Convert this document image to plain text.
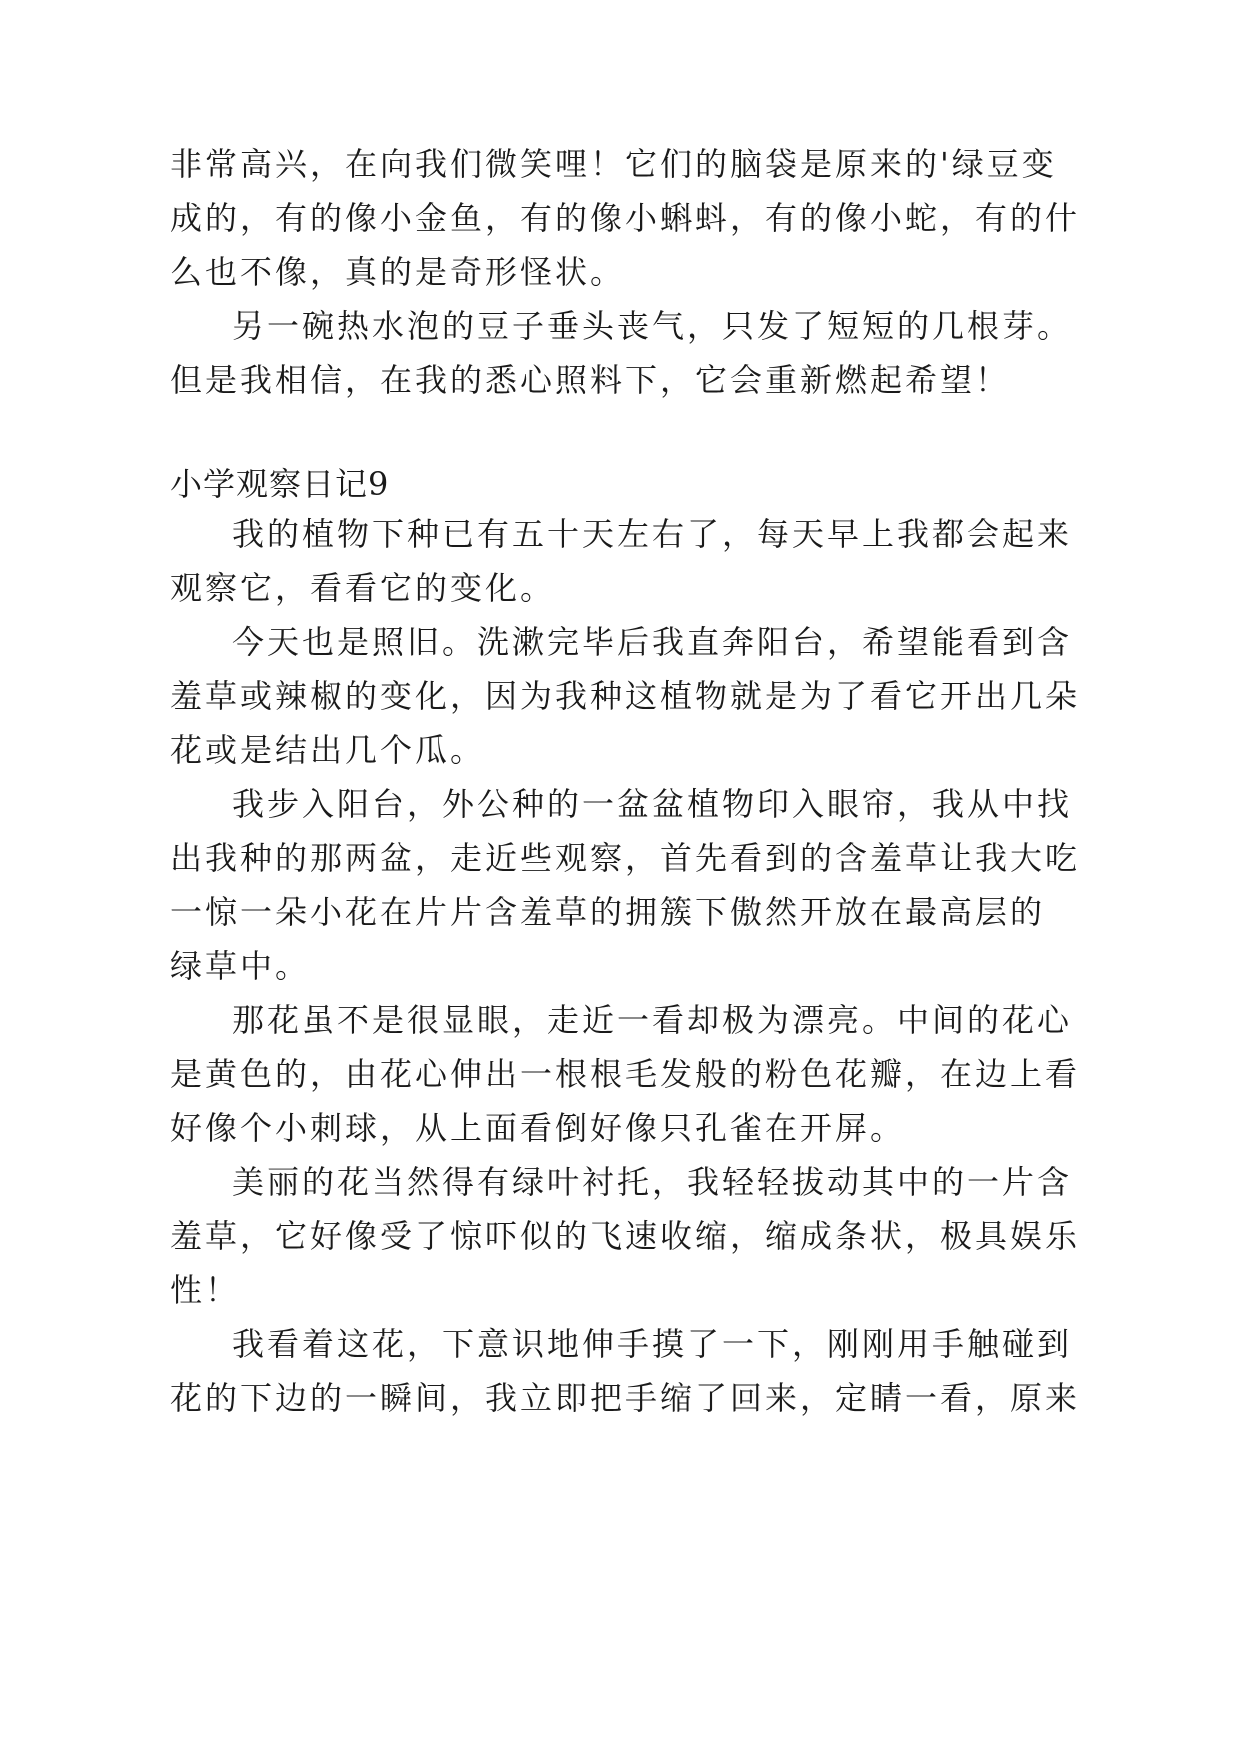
非常高兴，在向我们微笑哩！它们的脑袋是原来的'绿豆变
成的，有的像小金鱼，有的像小蝌蚪，有的像小蛇，有的什
么也不像，真的是奇形怪状。
另一碗热水泡的豆子垂头丧气，只发了短短的几根芽。
但是我相信，在我的悉心照料下，它会重新燃起希望！
小学观察日记9
我的植物下种已有五十天左右了，每天早上我都会起来
观察它，看看它的变化。
今天也是照旧。洗漱完毕后我直奔阳台，希望能看到含
羞草或辣椒的变化，因为我种这植物就是为了看它开出几朵
花或是结出几个瓜。
我步入阳台，外公种的一盆盆植物印入眼帘，我从中找
出我种的那两盆，走近些观察，首先看到的含羞草让我大吃
一惊一朵小花在片片含羞草的拥簇下傲然开放在最高层的
绿草中。
那花虽不是很显眼，走近一看却极为漂亮。中间的花心
是黄色的，由花心伸出一根根毛发般的粉色花瓣，在边上看
好像个小刺球，从上面看倒好像只孔雀在开屏。
美丽的花当然得有绿叶衬托，我轻轻拔动其中的一片含
羞草，它好像受了惊吓似的飞速收缩，缩成条状，极具娱乐
性！
我看着这花，下意识地伸手摸了一下，刚刚用手触碰到
花的下边的一瞬间，我立即把手缩了回来，定睛一看，原来
